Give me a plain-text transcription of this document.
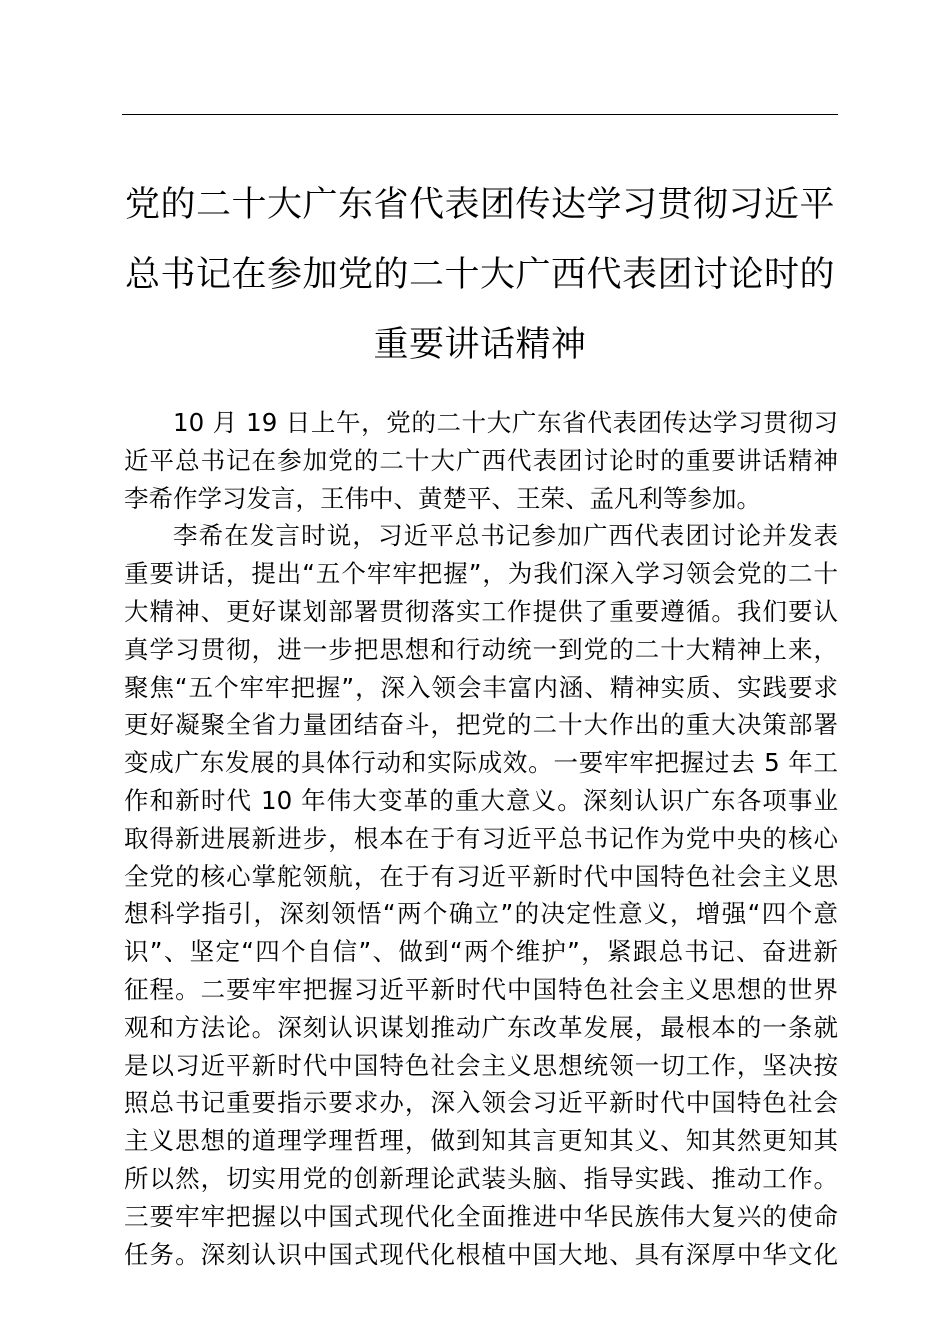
党的二十大广东省代表团传达学习贯彻习近平
总书记在参加党的二十大广西代表团讨论时的
重要讲话精神
10 月 19 日上午，党的二十大广东省代表团传达学习贯彻习
近平总书记在参加党的二十大广西代表团讨论时的重要讲话精神
李希作学习发言，王伟中、黄楚平、王荣、孟凡利等参加。
李希在发言时说，习近平总书记参加广西代表团讨论并发表
重要讲话，提出“五个牢牢把握”，为我们深入学习领会党的二十
大精神、更好谋划部署贯彻落实工作提供了重要遵循。我们要认
真学习贯彻，进一步把思想和行动统一到党的二十大精神上来，
聚焦“五个牢牢把握”，深入领会丰富内涵、精神实质、实践要求
更好凝聚全省力量团结奋斗，把党的二十大作出的重大决策部署
变成广东发展的具体行动和实际成效。一要牢牢把握过去 5 年工
作和新时代 10 年伟大变革的重大意义。深刻认识广东各项事业
取得新进展新进步，根本在于有习近平总书记作为党中央的核心
全党的核心掌舵领航，在于有习近平新时代中国特色社会主义思
想科学指引，深刻领悟“两个确立”的决定性意义，增强“四个意
识”、坚定“四个自信”、做到“两个维护”，紧跟总书记、奋进新
征程。二要牢牢把握习近平新时代中国特色社会主义思想的世界
观和方法论。深刻认识谋划推动广东改革发展，最根本的一条就
是以习近平新时代中国特色社会主义思想统领一切工作，坚决按
照总书记重要指示要求办，深入领会习近平新时代中国特色社会
主义思想的道理学理哲理，做到知其言更知其义、知其然更知其
所以然，切实用党的创新理论武装头脑、指导实践、推动工作。
三要牢牢把握以中国式现代化全面推进中华民族伟大复兴的使命
任务。深刻认识中国式现代化根植中国大地、具有深厚中华文化
